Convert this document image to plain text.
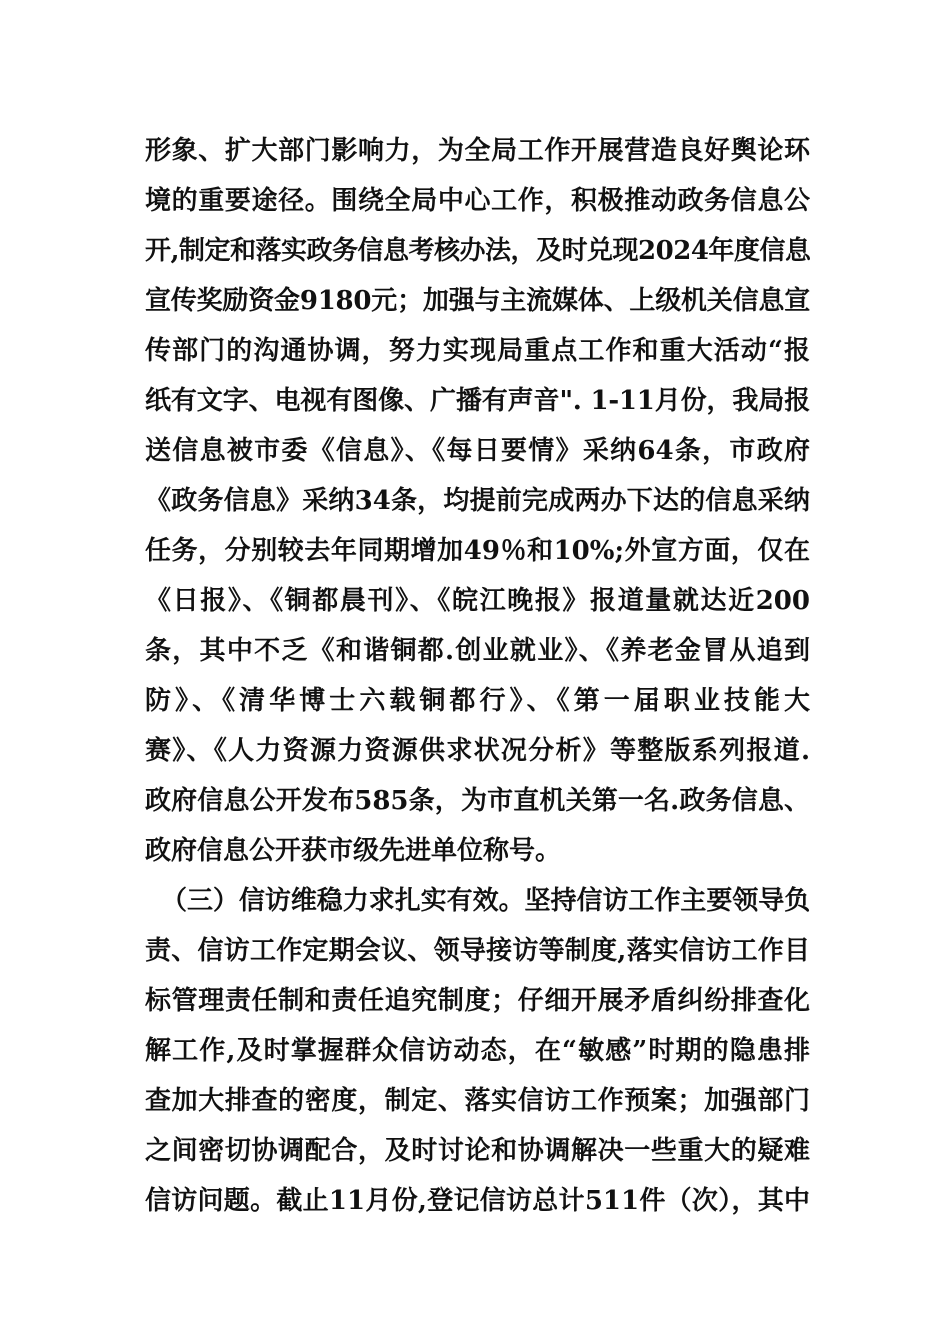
形象、扩大部门影响力，为全局工作开展营造良好舆论环
境的重要途径。围绕全局中心工作，积极推动政务信息公
开,制定和落实政务信息考核办法，及时兑现2024年度信息
宣传奖励资金9180元；加强与主流媒体、上级机关信息宣
传部门的沟通协调，努力实现局重点工作和重大活动“报
纸有文字、电视有图像、广播有声音". 1-11月份，我局报
送信息被市委《信息》、《每日要情》采纳64条，市政府
《政务信息》采纳34条，均提前完成两办下达的信息采纳
任务，分别较去年同期增加49％和10%;外宣方面，仅在
《日报》、《铜都晨刊》、《皖江晚报》报道量就达近200
条，其中不乏《和谐铜都.创业就业》、《养老金冒从追到
防》、《清华博士六载铜都行》、《第一届职业技能大
赛》、《人力资源力资源供求状况分析》等整版系列报道.
政府信息公开发布585条，为市直机关第一名.政务信息、
政府信息公开获市级先进单位称号。
（三）信访维稳力求扎实有效。坚持信访工作主要领导负
责、信访工作定期会议、领导接访等制度,落实信访工作目
标管理责任制和责任追究制度；仔细开展矛盾纠纷排查化
解工作,及时掌握群众信访动态，在“敏感”时期的隐患排
查加大排查的密度，制定、落实信访工作预案；加强部门
之间密切协调配合，及时讨论和协调解决一些重大的疑难
信访问题。截止11月份,登记信访总计511件（次），其中
